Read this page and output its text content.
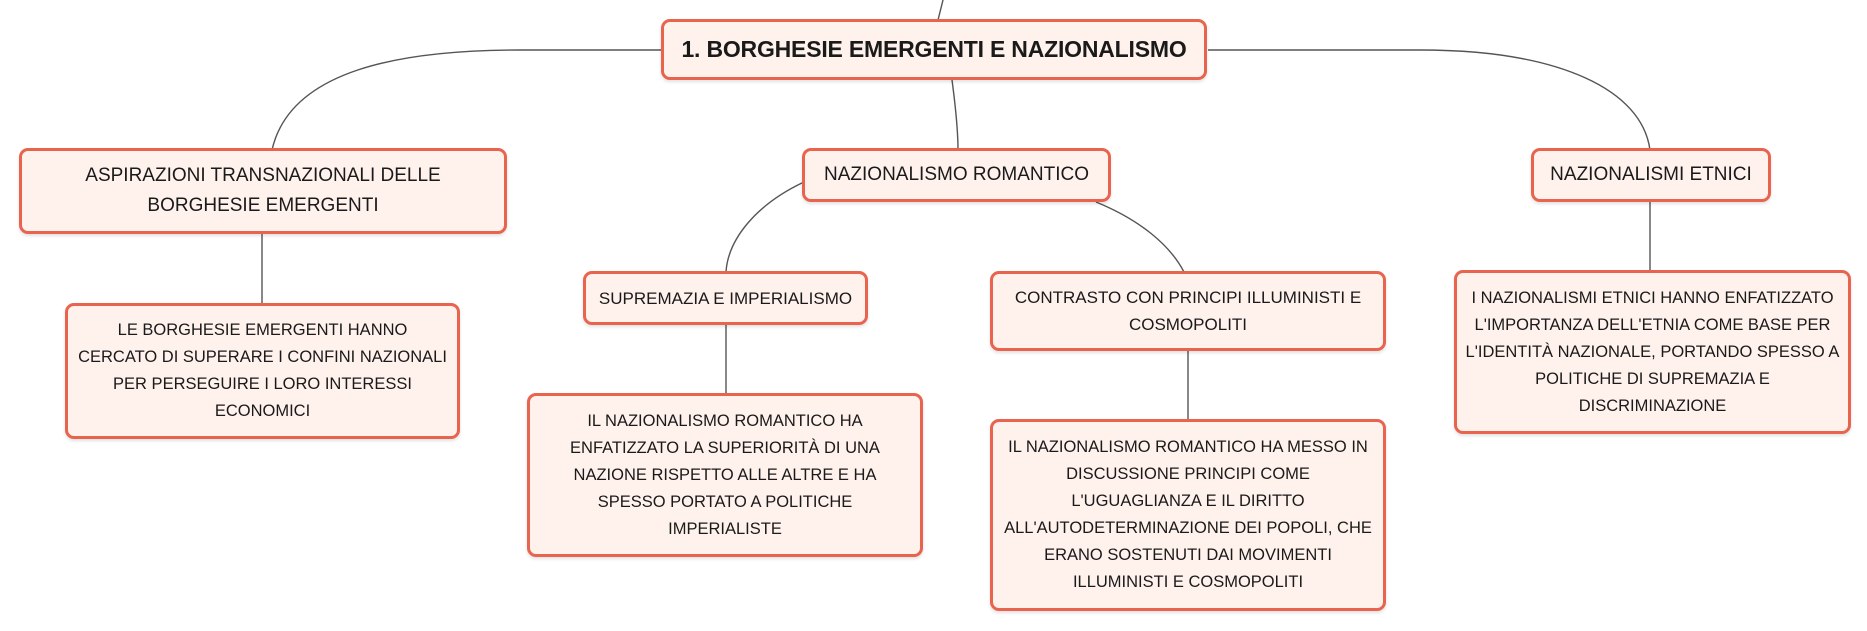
1. BORGHESIE EMERGENTI E NAZIONALISMO
ASPIRAZIONI TRANSNAZIONALI DELLE BORGHESIE EMERGENTI
LE BORGHESIE EMERGENTI HANNO CERCATO DI SUPERARE I CONFINI NAZIONALI PER PERSEGUIRE I LORO INTERESSI ECONOMICI
NAZIONALISMO ROMANTICO
SUPREMAZIA E IMPERIALISMO
IL NAZIONALISMO ROMANTICO HA ENFATIZZATO LA SUPERIORITÀ DI UNA NAZIONE RISPETTO ALLE ALTRE E HA SPESSO PORTATO A POLITICHE IMPERIALISTE
CONTRASTO CON PRINCIPI ILLUMINISTI E COSMOPOLITI
IL NAZIONALISMO ROMANTICO HA MESSO IN DISCUSSIONE PRINCIPI COME L'UGUAGLIANZA E IL DIRITTO ALL'AUTODETERMINAZIONE DEI POPOLI, CHE ERANO SOSTENUTI DAI MOVIMENTI ILLUMINISTI E COSMOPOLITI
NAZIONALISMI ETNICI
I NAZIONALISMI ETNICI HANNO ENFATIZZATO L'IMPORTANZA DELL'ETNIA COME BASE PER L'IDENTITÀ NAZIONALE, PORTANDO SPESSO A POLITICHE DI SUPREMAZIA E DISCRIMINAZIONE
